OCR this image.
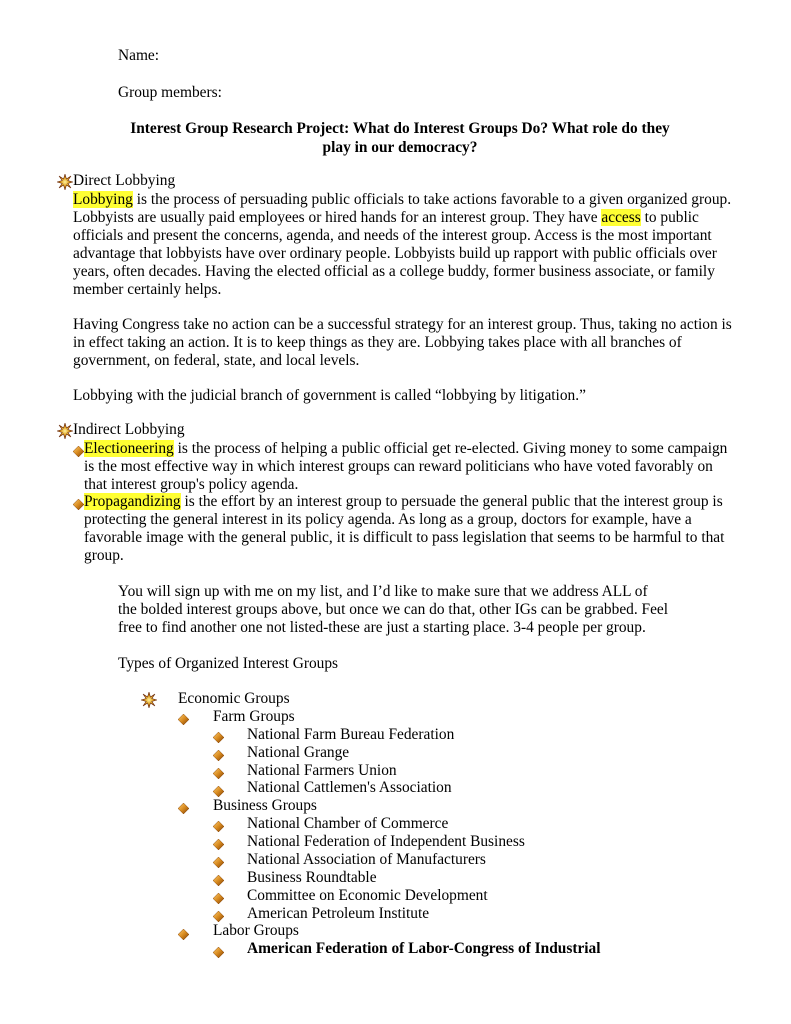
Name:
Group members:
Interest Group Research Project: What do Interest Groups Do? What role do they
play in our democracy?
Direct Lobbying
Lobbying is the process of persuading public officials to take actions favorable to a given organized group.
Lobbyists are usually paid employees or hired hands for an interest group. They have access to public
officials and present the concerns, agenda, and needs of the interest group. Access is the most important
advantage that lobbyists have over ordinary people. Lobbyists build up rapport with public officials over
years, often decades. Having the elected official as a college buddy, former business associate, or family
member certainly helps.
Having Congress take no action can be a successful strategy for an interest group. Thus, taking no action is
in effect taking an action. It is to keep things as they are. Lobbying takes place with all branches of
government, on federal, state, and local levels.
Lobbying with the judicial branch of government is called “lobbying by litigation.”
Indirect Lobbying
Electioneering is the process of helping a public official get re-elected. Giving money to some campaign
is the most effective way in which interest groups can reward politicians who have voted favorably on
that interest group's policy agenda.
Propagandizing is the effort by an interest group to persuade the general public that the interest group is
protecting the general interest in its policy agenda. As long as a group, doctors for example, have a
favorable image with the general public, it is difficult to pass legislation that seems to be harmful to that
group.
You will sign up with me on my list, and I’d like to make sure that we address ALL of
the bolded interest groups above, but once we can do that, other IGs can be grabbed. Feel
free to find another one not listed-these are just a starting place. 3-4 people per group.
Types of Organized Interest Groups
Economic Groups
Farm Groups
National Farm Bureau Federation
National Grange
National Farmers Union
National Cattlemen's Association
Business Groups
National Chamber of Commerce
National Federation of Independent Business
National Association of Manufacturers
Business Roundtable
Committee on Economic Development
American Petroleum Institute
Labor Groups
American Federation of Labor-Congress of Industrial
